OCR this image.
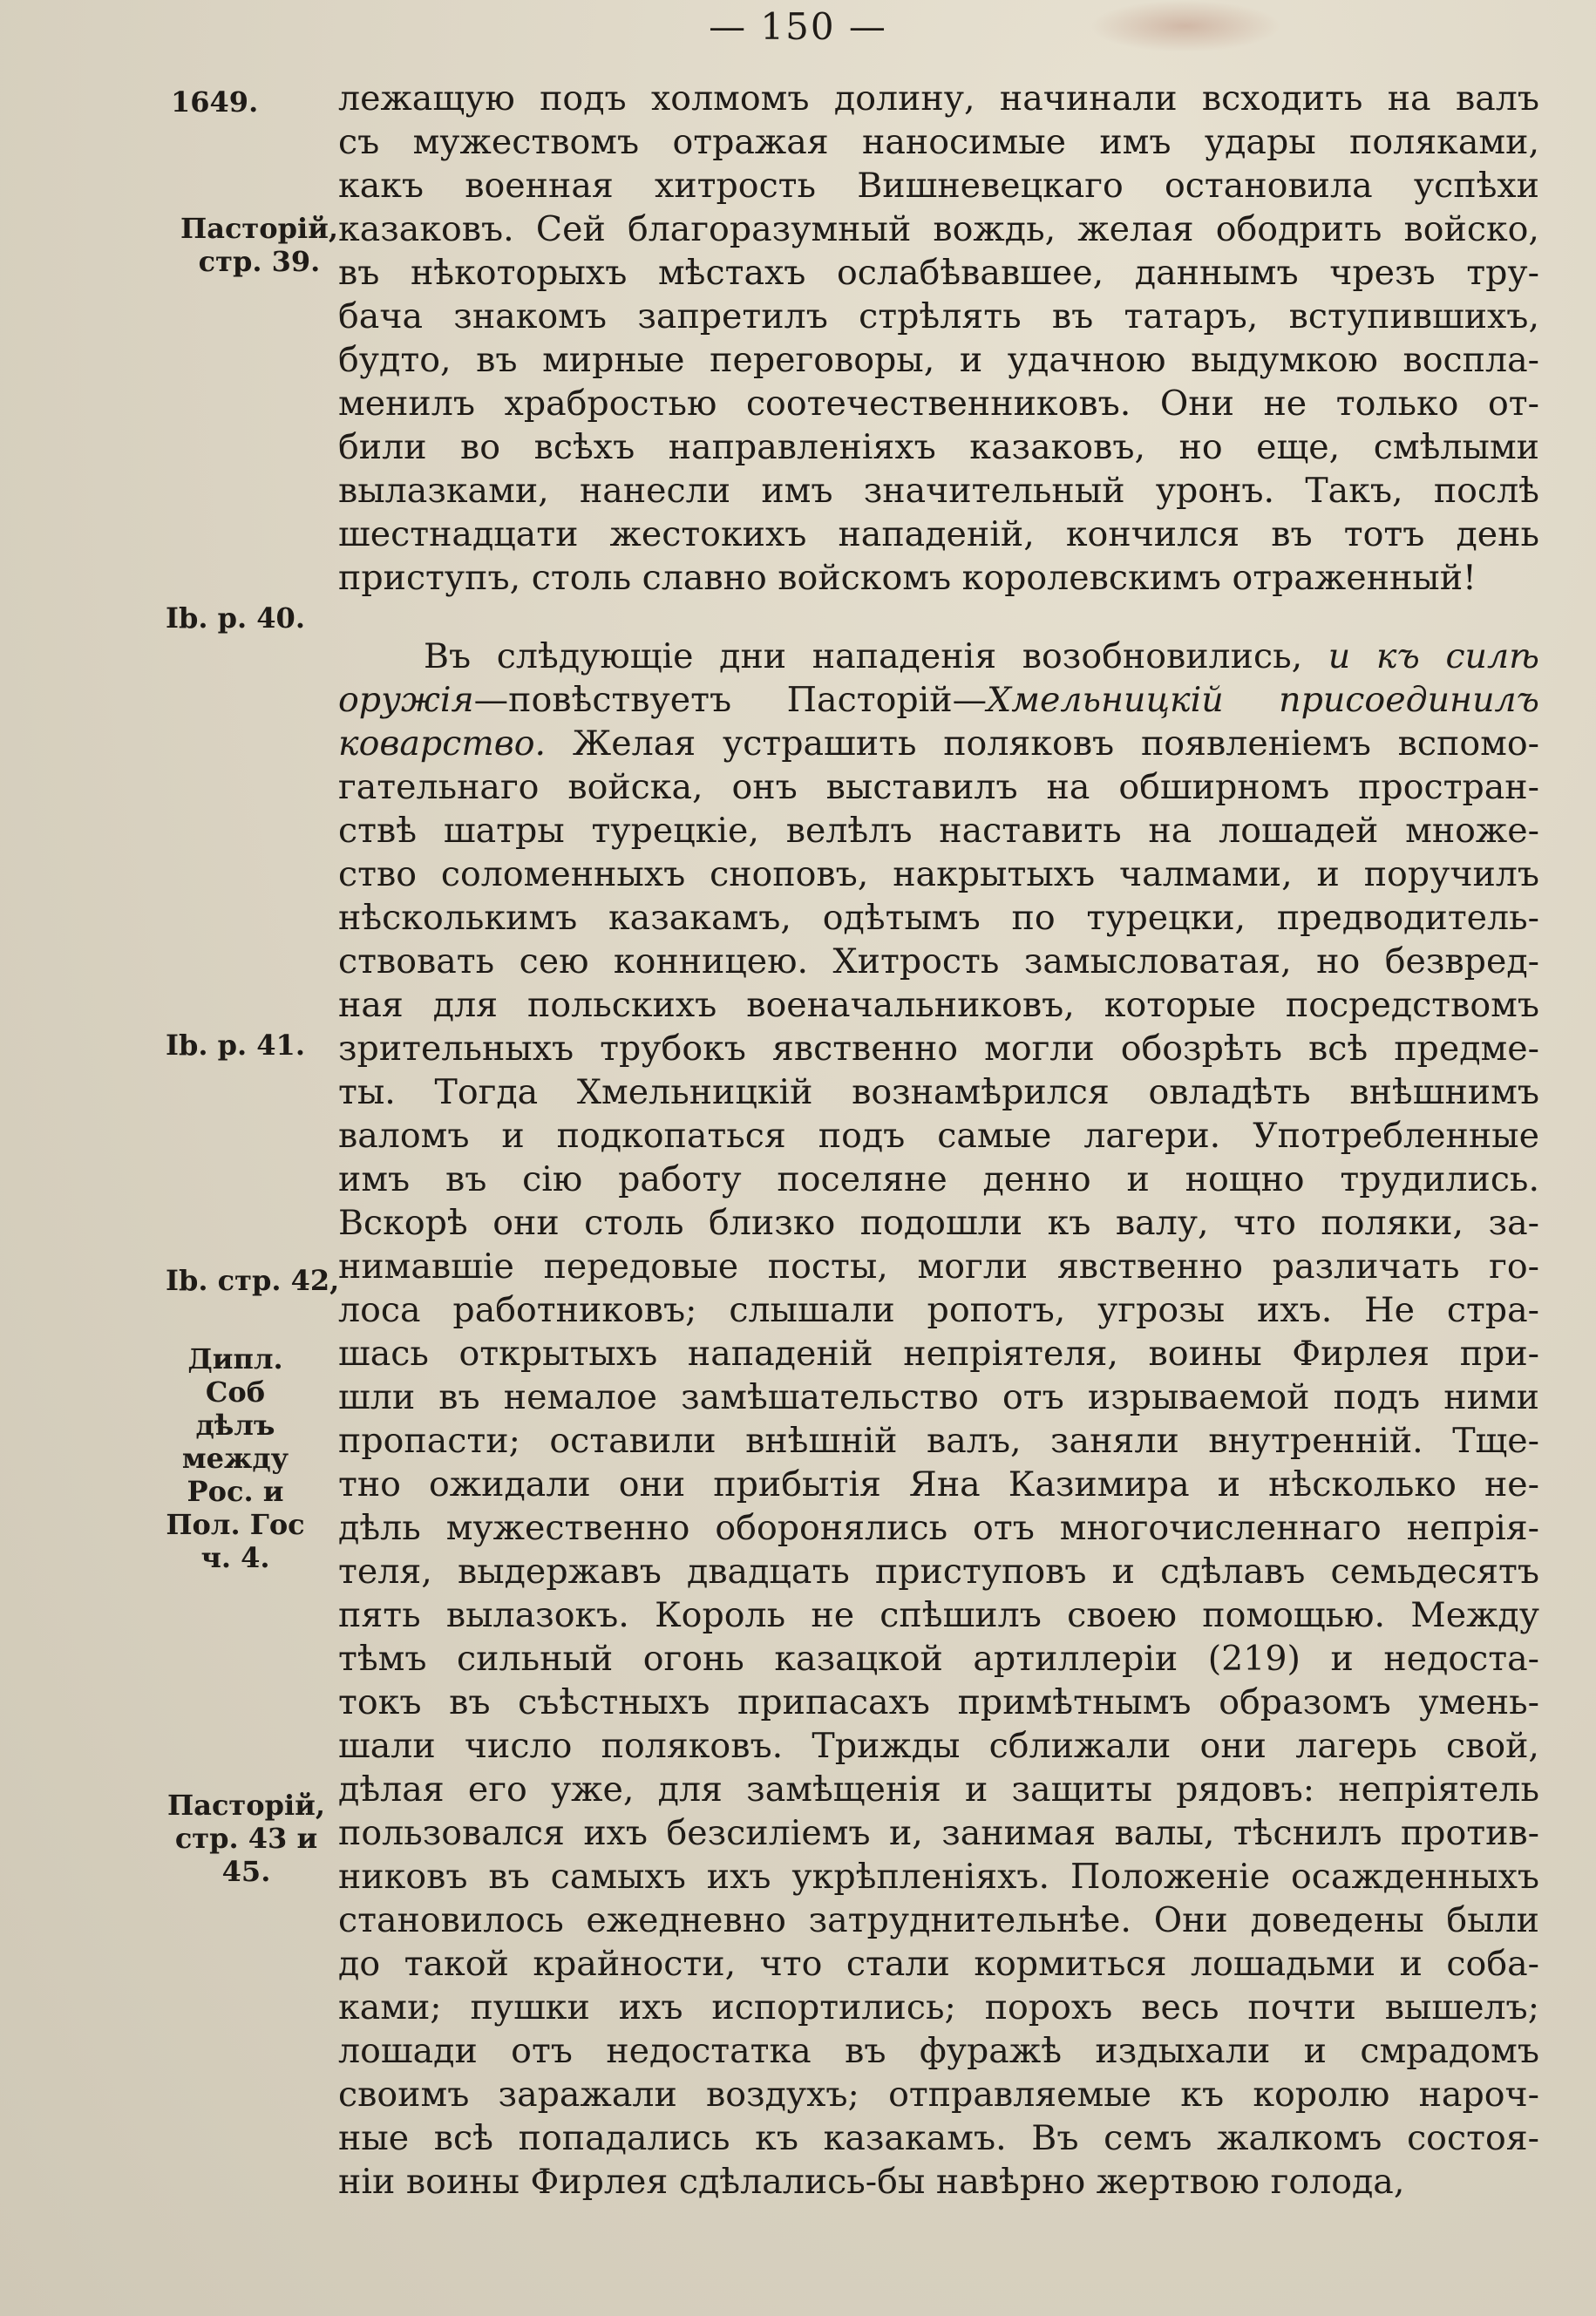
— 150 —
1649.
Пасторій, стр. 39.
Ib. p. 40.
Ib. p. 41.
Ib. стр. 42,
Дипл. Соб дѣлъ между Рос. и Пол. Гос ч. 4.
Пасторій, стр. 43 и 45.
лежащую подъ холмомъ долину, начинали всходить на валъ
съ мужествомъ отражая наносимые имъ удары поляками,
какъ военная хитрость Вишневецкаго остановила успѣхи
казаковъ. Сей благоразумный вождь, желая ободрить войско,
въ нѣкоторыхъ мѣстахъ ослабѣвавшее, даннымъ чрезъ тру-
бача знакомъ запретилъ стрѣлять въ татаръ, вступившихъ,
будто, въ мирные переговоры, и удачною выдумкою воспла-
менилъ храбростью соотечественниковъ. Они не только от-
били во всѣхъ направленіяхъ казаковъ, но еще, смѣлыми
вылазками, нанесли имъ значительный уронъ. Такъ, послѣ
шестнадцати жестокихъ нападеній, кончился въ тотъ день
приступъ, столь славно войскомъ королевскимъ отраженный!
Въ слѣдующіе дни нападенія возобновились, и къ силѣ
оружія—повѣствуетъ Пасторій—Хмельницкій присоединилъ
коварство. Желая устрашить поляковъ появленіемъ вспомо-
гательнаго войска, онъ выставилъ на обширномъ простран-
ствѣ шатры турецкіе, велѣлъ наставить на лошадей множе-
ство соломенныхъ сноповъ, накрытыхъ чалмами, и поручилъ
нѣсколькимъ казакамъ, одѣтымъ по турецки, предводитель-
ствовать сею конницею. Хитрость замысловатая, но безвред-
ная для польскихъ военачальниковъ, которые посредствомъ
зрительныхъ трубокъ явственно могли обозрѣть всѣ предме-
ты. Тогда Хмельницкій вознамѣрился овладѣть внѣшнимъ
валомъ и подкопаться подъ самые лагери. Употребленные
имъ въ сію работу поселяне денно и нощно трудились.
Вскорѣ они столь близко подошли къ валу, что поляки, за-
нимавшіе передовые посты, могли явственно различать го-
лоса работниковъ; слышали ропотъ, угрозы ихъ. Не стра-
шась открытыхъ нападеній непріятеля, воины Фирлея при-
шли въ немалое замѣшательство отъ изрываемой подъ ними
пропасти; оставили внѣшній валъ, заняли внутренній. Тще-
тно ожидали они прибытія Яна Казимира и нѣсколько не-
дѣль мужественно оборонялись отъ многочисленнаго непрія-
теля, выдержавъ двадцать приступовъ и сдѣлавъ семьдесятъ
пять вылазокъ. Король не спѣшилъ своею помощью. Между
тѣмъ сильный огонь казацкой артиллеріи (219) и недоста-
токъ въ съѣстныхъ припасахъ примѣтнымъ образомъ умень-
шали число поляковъ. Трижды сближали они лагерь свой,
дѣлая его уже, для замѣщенія и защиты рядовъ: непріятель
пользовался ихъ безсиліемъ и, занимая валы, тѣснилъ против-
никовъ въ самыхъ ихъ укрѣпленіяхъ. Положеніе осажденныхъ
становилось ежедневно затруднительнѣе. Они доведены были
до такой крайности, что стали кормиться лошадьми и соба-
ками; пушки ихъ испортились; порохъ весь почти вышелъ;
лошади отъ недостатка въ фуражѣ издыхали и смрадомъ
своимъ заражали воздухъ; отправляемые къ королю нароч-
ные всѣ попадались къ казакамъ. Въ семъ жалкомъ состоя-
ніи воины Фирлея сдѣлались-бы навѣрно жертвою голода,
